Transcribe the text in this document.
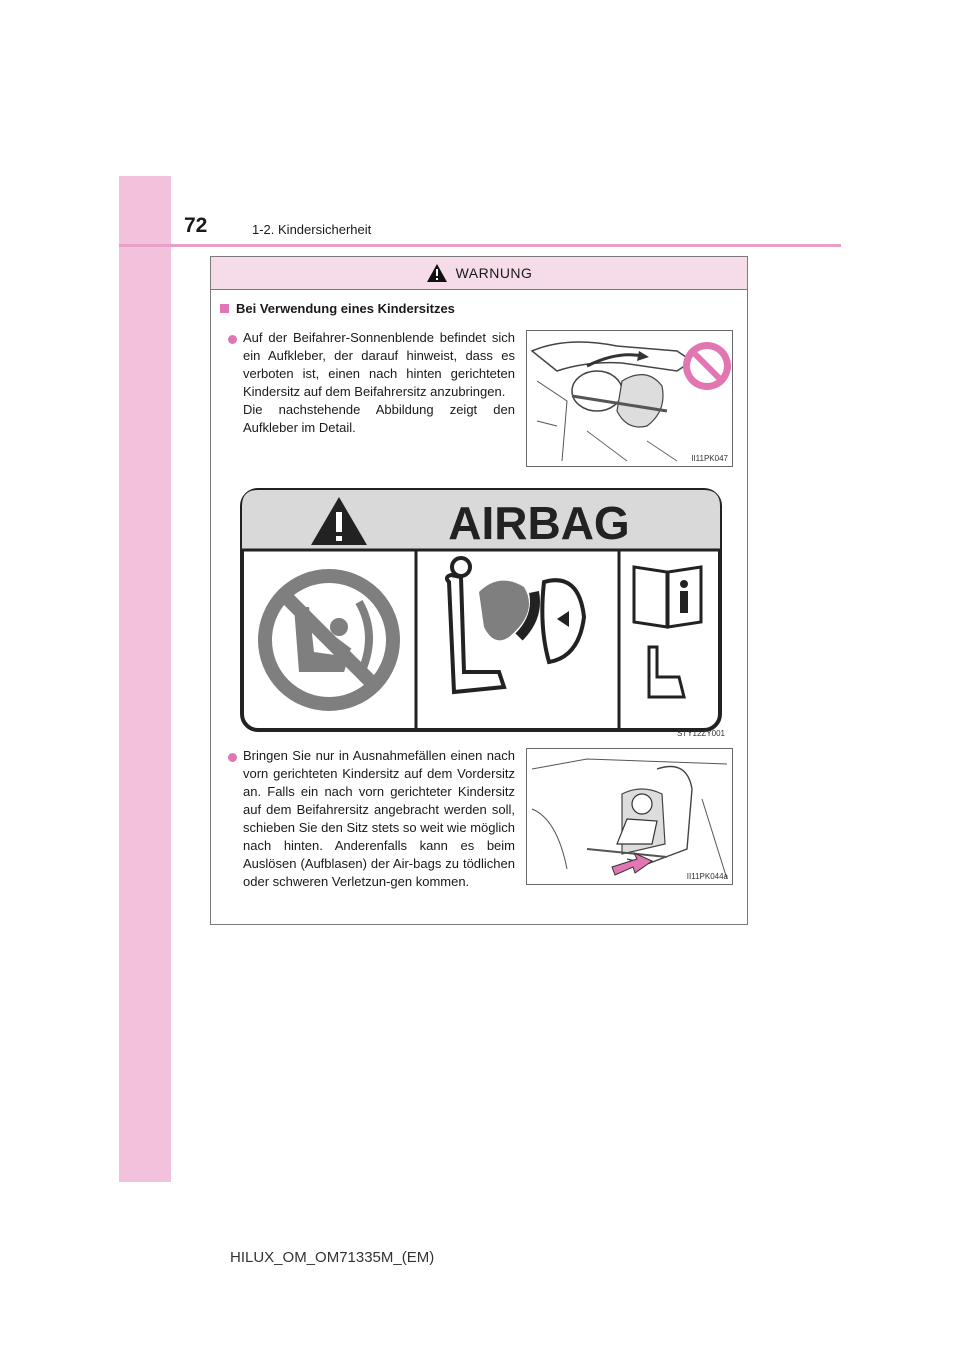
72	1-2. Kindersicherheit
WARNUNG
Bei Verwendung eines Kindersitzes
Auf der Beifahrer-Sonnenblende befindet sich ein Aufkleber, der darauf hinweist, dass es verboten ist, einen nach hinten gerichteten Kindersitz auf dem Beifahrersitz anzubringen.
Die nachstehende Abbildung zeigt den Aufkleber im Detail.
II11PK047
AIRBAG
STY12ZY001
Bringen Sie nur in Ausnahmefällen einen nach vorn gerichteten Kindersitz auf dem Vordersitz an. Falls ein nach vorn gerichteter Kindersitz auf dem Beifahrersitz angebracht werden soll, schieben Sie den Sitz stets so weit wie möglich nach hinten. Anderenfalls kann es beim Auslösen (Aufblasen) der Air-bags zu tödlichen oder schweren Verletzun-gen kommen.	II11PK044a
HILUX_OM_OM71335M_(EM)
